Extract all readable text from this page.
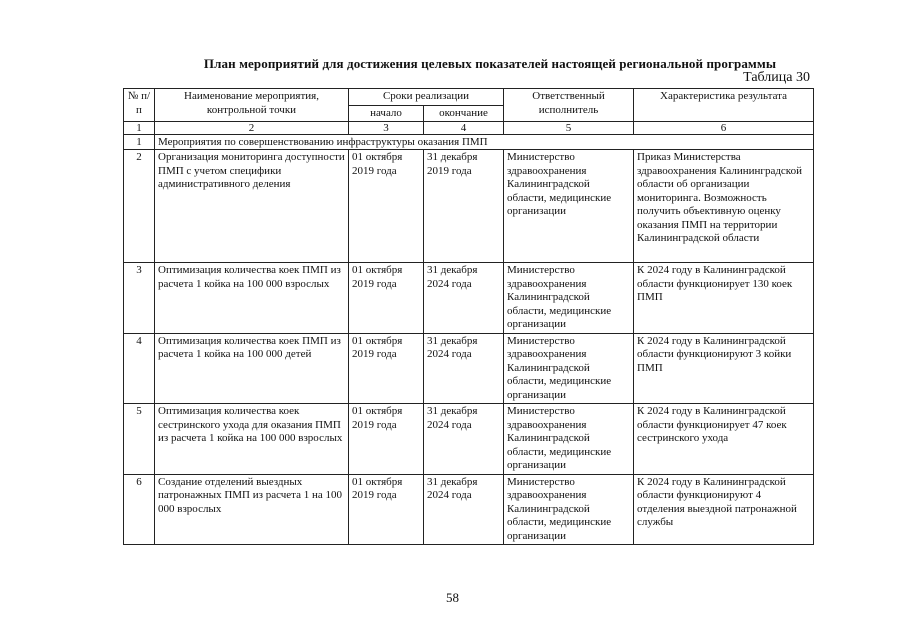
План мероприятий для достижения целевых показателей настоящей региональной программы
Таблица 30
№ п/п	Наименование мероприятия, контрольной точки	Сроки реализации		Ответственный исполнитель	Характеристика результата
		начало	окончание		
1	2	3	4	5	6
1	Мероприятия по совершенствованию инфраструктуры оказания ПМП				
2	Организация мониторинга доступности ПМП с учетом специфики административного деления	01 октября 2019 года	31 декабря 2019 года	Министерство здравоохранения Калининградской области, медицинские организации	Приказ Министерства здравоохранения Калининградской области об организации мониторинга. Возможность получить объективную оценку оказания ПМП на территории Калининградской области
3	Оптимизация количества коек ПМП из расчета 1 койка на 100 000 взрослых	01 октября 2019 года	31 декабря 2024 года	Министерство здравоохранения Калининградской области, медицинские организации	К 2024 году в Калининградской области функционирует 130 коек ПМП
4	Оптимизация количества коек ПМП из расчета 1 койка на 100 000 детей	01 октября 2019 года	31 декабря 2024 года	Министерство здравоохранения Калининградской области, медицинские организации	К 2024 году в Калининградской области функционируют 3 койки ПМП
5	Оптимизация количества коек сестринского ухода для оказания ПМП из расчета 1 койка на 100 000 взрослых	01 октября 2019 года	31 декабря 2024 года	Министерство здравоохранения Калининградской области, медицинские организации	К 2024 году в Калининградской области функционирует 47 коек сестринского ухода
6	Создание отделений выездных патронажных ПМП из расчета 1 на 100 000 взрослых	01 октября 2019 года	31 декабря 2024 года	Министерство здравоохранения Калининградской области, медицинские организации	К 2024 году в Калининградской области функционируют 4 отделения выездной патронажной службы
58
